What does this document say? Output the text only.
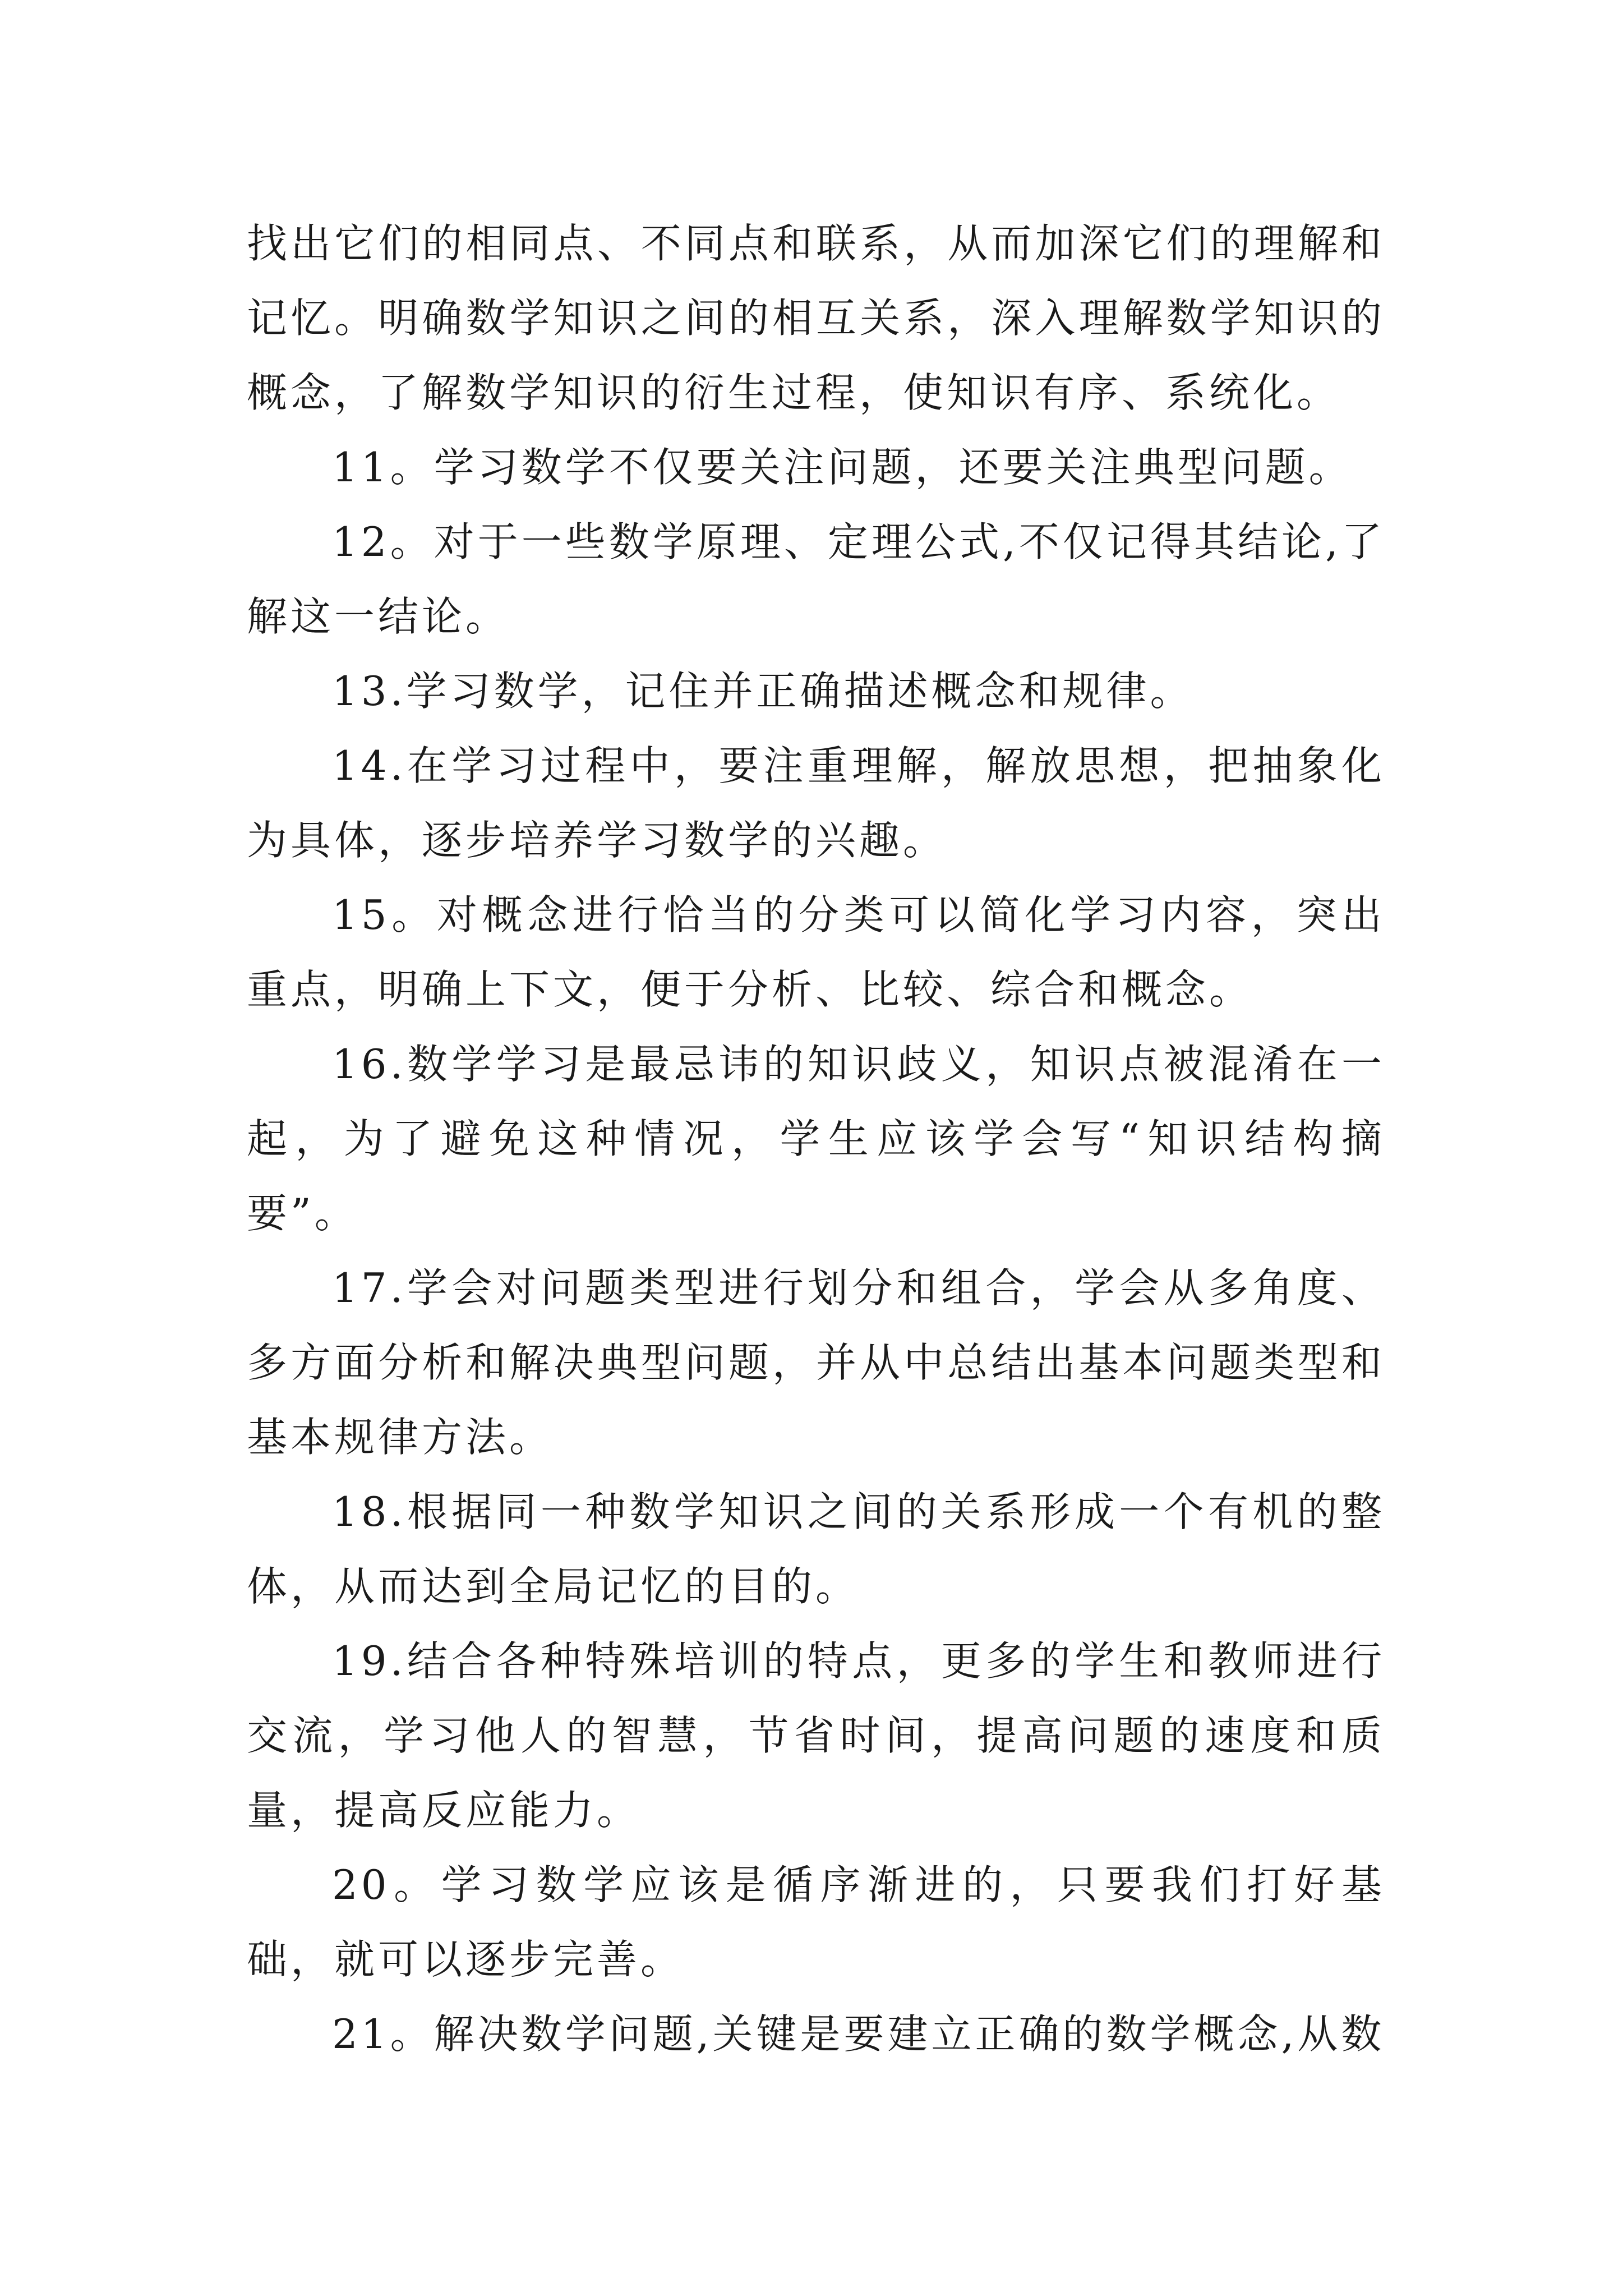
找出它们的相同点、不同点和联系，从而加深它们的理解和记忆。明确数学知识之间的相互关系，深入理解数学知识的概念，了解数学知识的衍生过程，使知识有序、系统化。

11。学习数学不仅要关注问题，还要关注典型问题。

12。对于一些数学原理、定理公式,不仅记得其结论,了解这一结论。

13.学习数学，记住并正确描述概念和规律。

14.在学习过程中，要注重理解，解放思想，把抽象化为具体，逐步培养学习数学的兴趣。

15。对概念进行恰当的分类可以简化学习内容，突出重点，明确上下文，便于分析、比较、综合和概念。

16.数学学习是最忌讳的知识歧义，知识点被混淆在一起，为了避免这种情况，学生应该学会写“知识结构摘要”。

17.学会对问题类型进行划分和组合，学会从多角度、多方面分析和解决典型问题，并从中总结出基本问题类型和基本规律方法。

18.根据同一种数学知识之间的关系形成一个有机的整体，从而达到全局记忆的目的。

19.结合各种特殊培训的特点，更多的学生和教师进行交流，学习他人的智慧，节省时间，提高问题的速度和质量，提高反应能力。

20。学习数学应该是循序渐进的，只要我们打好基础，就可以逐步完善。

21。解决数学问题,关键是要建立正确的数学概念,从数
